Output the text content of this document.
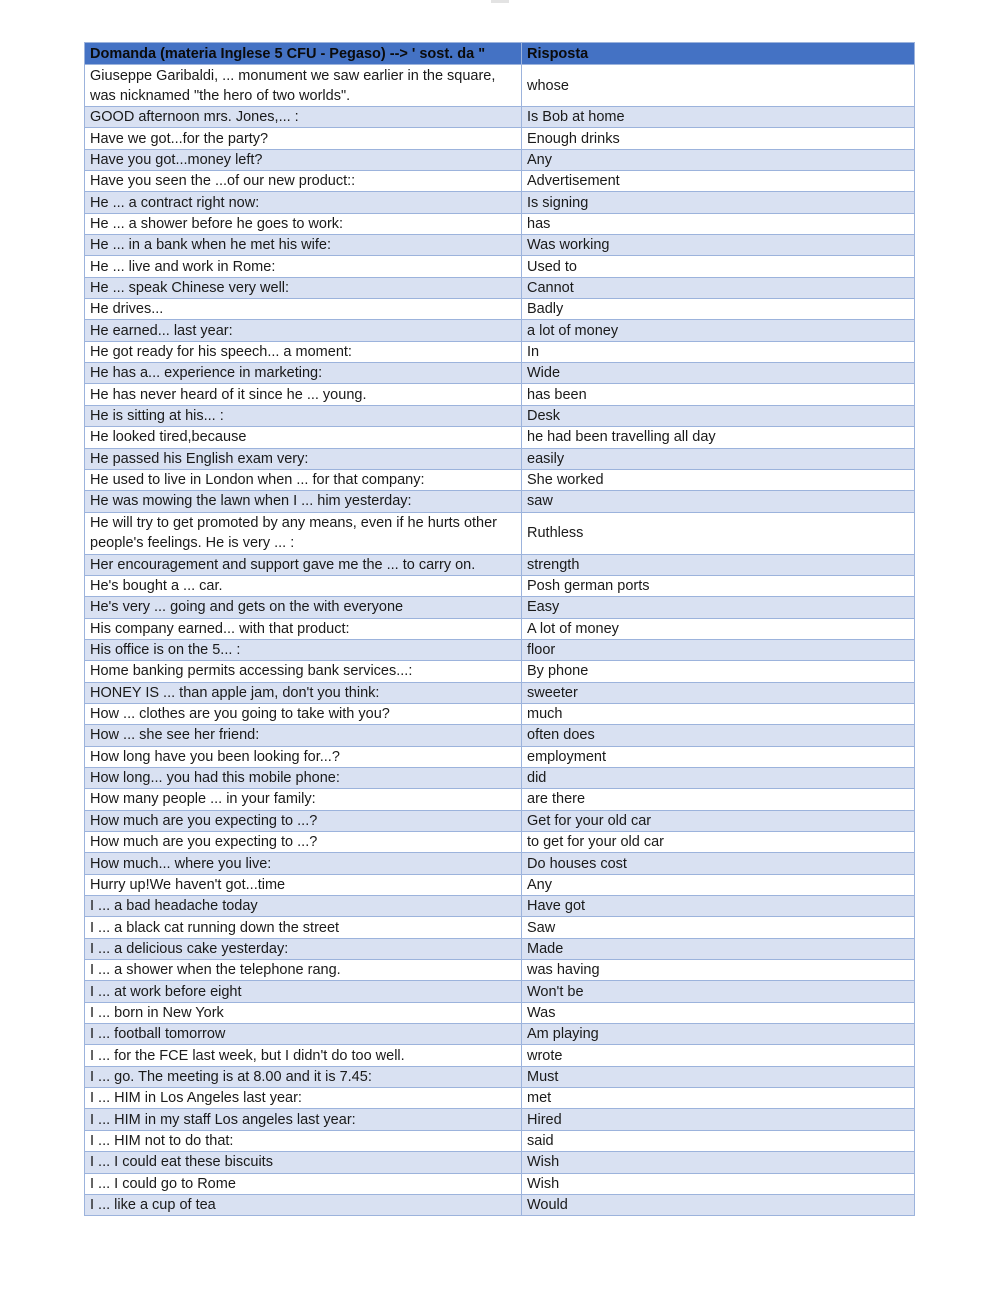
Domanda (materia Inglese 5 CFU - Pegaso) --> ' sost. da "	Risposta
Giuseppe Garibaldi, ... monument we saw earlier in the square, was nicknamed "the hero of two worlds".	whose
GOOD afternoon mrs. Jones,... :	Is Bob at home
Have we got...for the party?	Enough drinks
Have you got...money left?	Any
Have you seen the ...of our new product::	Advertisement
He ... a contract right now:	Is signing
He ... a shower before he goes to work:	has
He ... in a bank when he met his wife:	Was working
He ... live and work in Rome:	Used to
He ... speak Chinese very well:	Cannot
He drives...	Badly
He earned... last year:	a lot of money
He got ready for his speech... a moment:	In
He has a... experience in marketing:	Wide
He has never heard of it since he ... young.	has been
He is sitting at his... :	Desk
He looked tired,because	he had been travelling all day
He passed his English exam very:	easily
He used to live in London when ... for that company:	She worked
He was mowing the lawn when I ... him yesterday:	saw
He will try to get promoted by any means, even if he hurts other people's feelings. He is very ... :	Ruthless
Her encouragement and support gave me the ... to carry on.	strength
He's bought a ... car.	Posh german ports
He's very ... going and gets on the with everyone	Easy
His company earned... with that product:	A lot of money
His office is on the 5... :	floor
Home banking permits accessing bank services...:	By phone
HONEY IS ... than apple jam, don't you think:	sweeter
How ... clothes are you going to take with you?	much
How ... she see her friend:	often does
How long have you been looking for...?	employment
How long... you had this mobile phone:	did
How many people ... in your family:	are there
How much are you expecting to ...?	Get for your old car
How much are you expecting to ...?	to get for your old car
How much... where you live:	Do houses cost
Hurry up!We haven't got...time	Any
I ... a bad headache today	Have got
I ... a black cat running down the street	Saw
I ... a delicious cake yesterday:	Made
I ... a shower when the telephone rang.	was having
I ... at work before eight	Won't be
I ... born in New York	Was
I ... football tomorrow	Am playing
I ... for the FCE last week, but I didn't do too well.	wrote
I ... go. The meeting is at 8.00 and it is 7.45:	Must
I ... HIM in Los Angeles last year:	met
I ... HIM in my staff Los angeles last year:	Hired
I ... HIM not to do that:	said
I ... I could eat these biscuits	Wish
I ... I could go to Rome	Wish
I ... like a cup of tea	Would
